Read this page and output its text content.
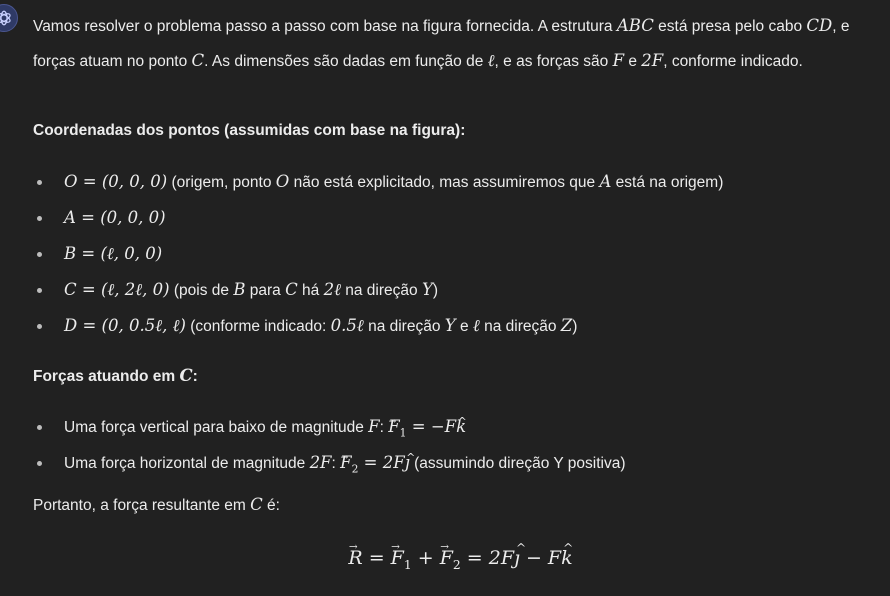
Vamos resolver o problema passo a passo com base na figura fornecida. A estrutura ABC está presa pelo cabo CD, e forças atuam no ponto C. As dimensões são dadas em função de ℓ, e as forças são F e 2F, conforme indicado.

Coordenadas dos pontos (assumidas com base na figura):

O = (0, 0, 0) (origem, ponto O não está explicitado, mas assumiremos que A está na origem)
A = (0, 0, 0)
B = (ℓ, 0, 0)
C = (ℓ, 2ℓ, 0) (pois de B para C há 2ℓ na direção Y)
D = (0, 0.5ℓ, ℓ) (conforme indicado: 0.5ℓ na direção Y e ℓ na direção Z)

Forças atuando em C:

Uma força vertical para baixo de magnitude F: $F \to_1 = -Fk$ ^
Uma força horizontal de magnitude 2F: $F \to_2$ = 2Fȷ ^ (assumindo direção Y positiva)

Portanto, a força resultante em C é:

R → = $F \to_1 + F \to_2$ = 2Fȷ ^ − Fk ^
